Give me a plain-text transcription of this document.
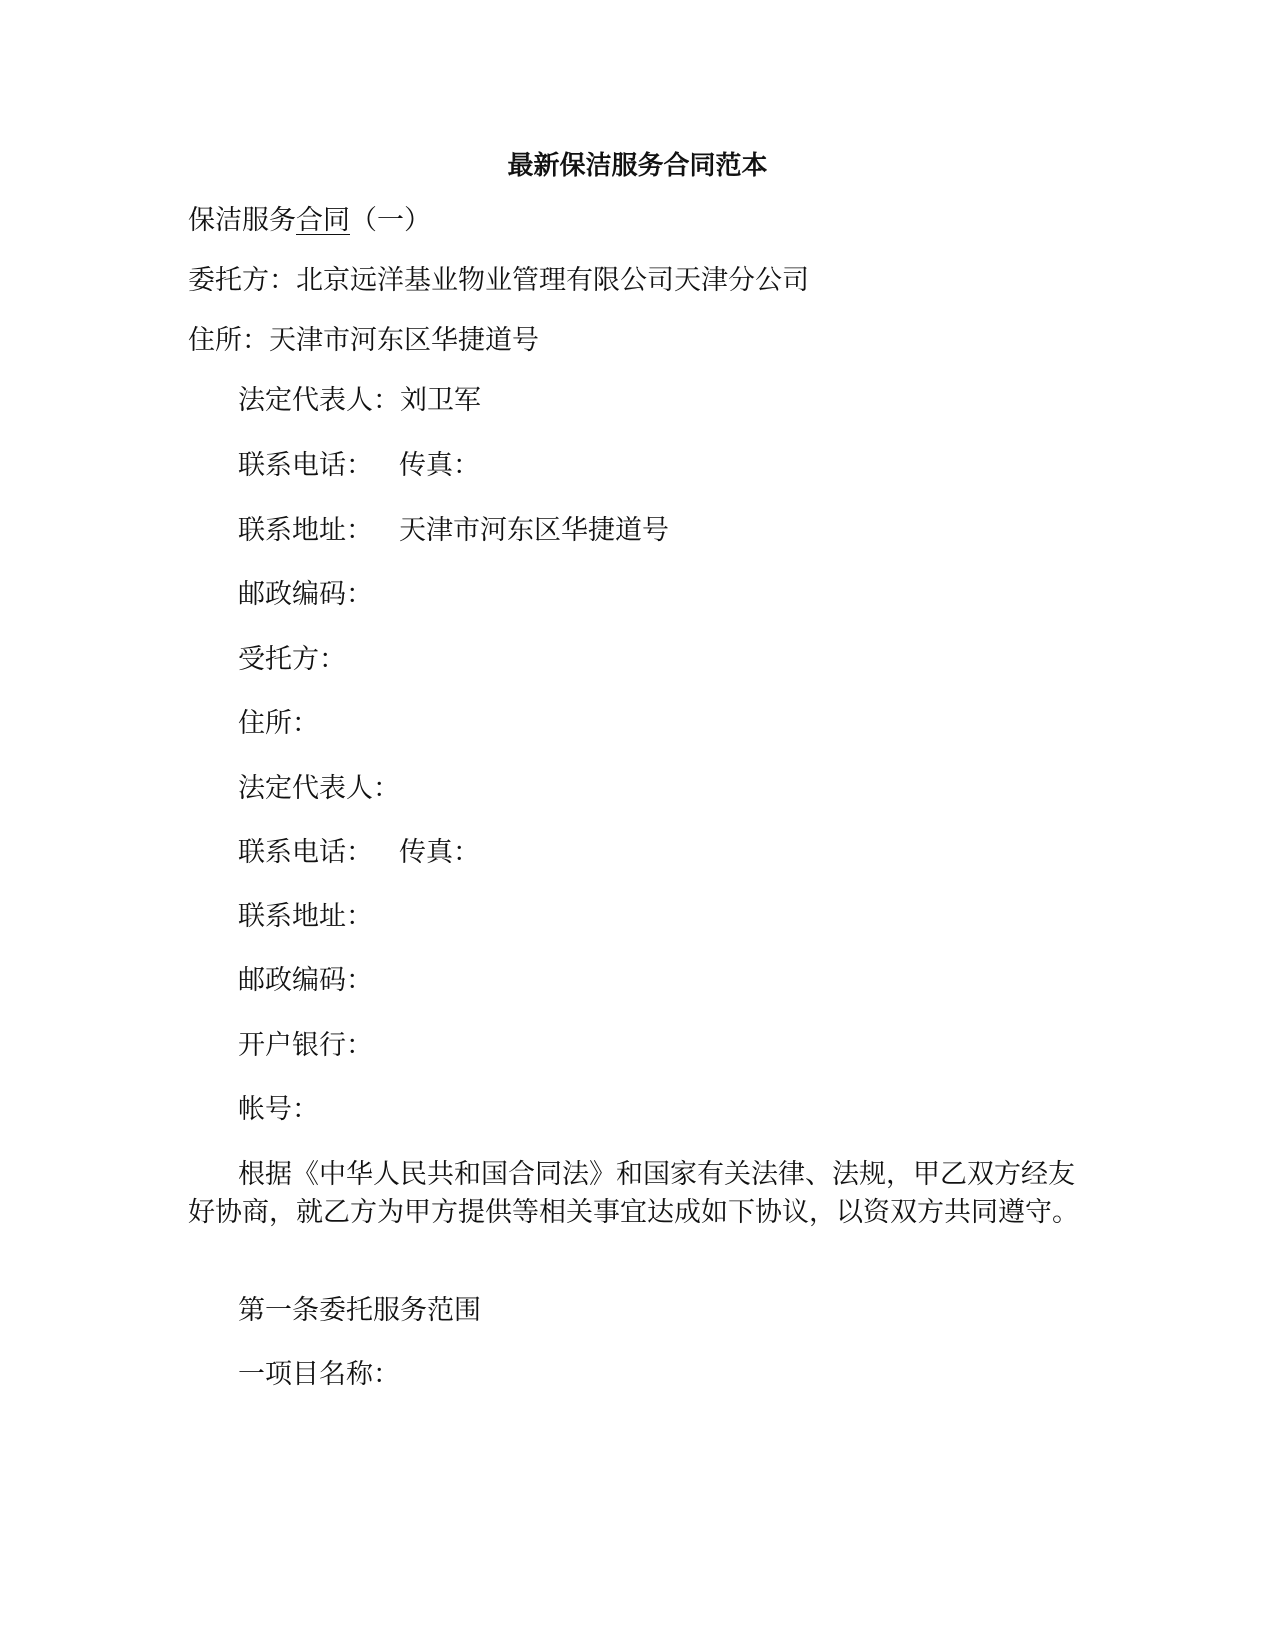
最新保洁服务合同范本
保洁服务合同（一）
委托方：北京远洋基业物业管理有限公司天津分公司
住所：天津市河东区华捷道号
法定代表人：刘卫军
联系电话： 传真：
联系地址： 天津市河东区华捷道号
邮政编码：
受托方：
住所：
法定代表人：
联系电话： 传真：
联系地址：
邮政编码：
开户银行：
帐号：
根据《中华人民共和国合同法》和国家有关法律、法规，甲乙双方经友好协商，就乙方为甲方提供等相关事宜达成如下协议，以资双方共同遵守。
第一条委托服务范围
一项目名称：
